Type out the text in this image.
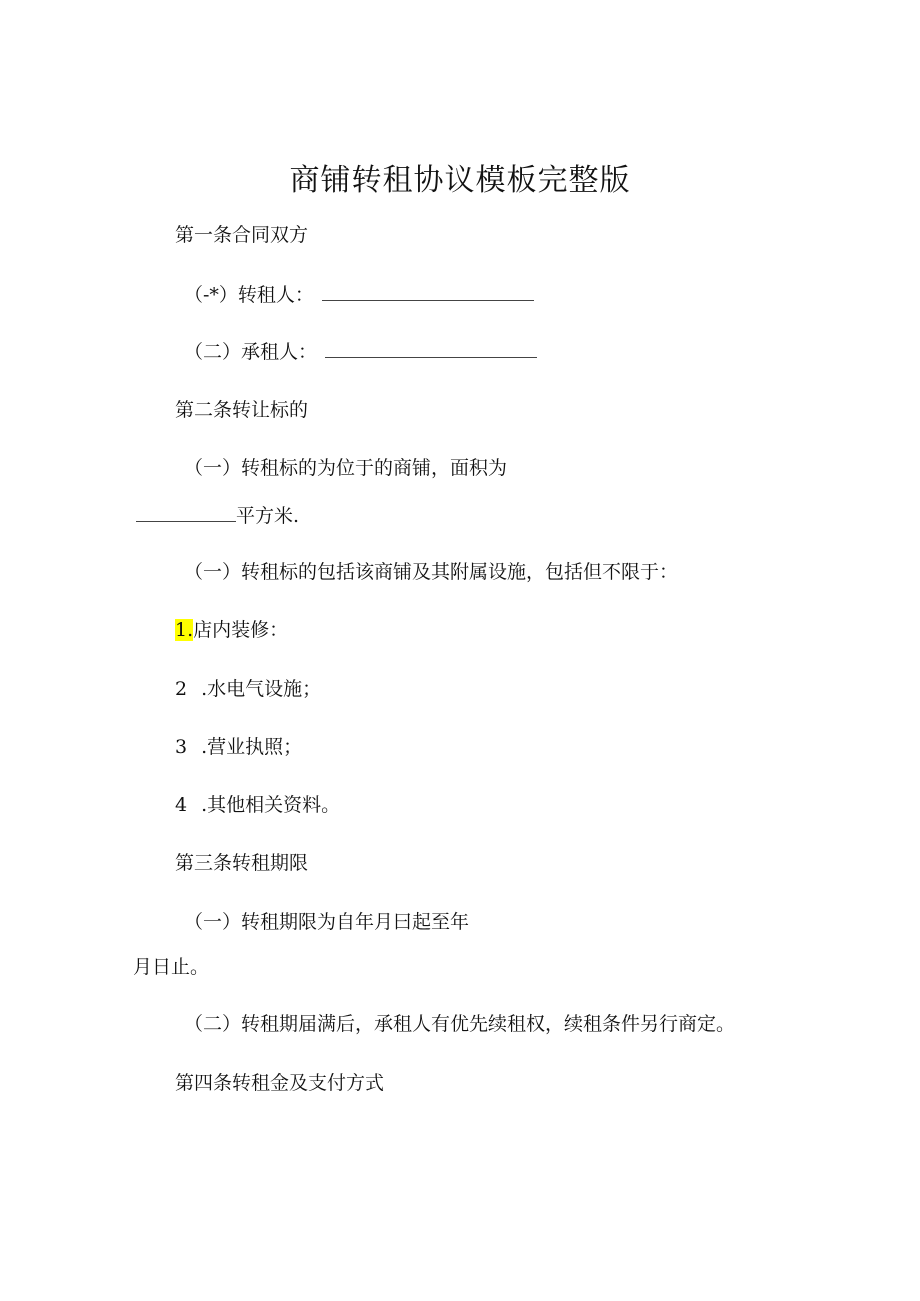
商铺转租协议模板完整版
第一条合同双方
（-*）转租人：
（二）承租人：
第二条转让标的
（一）转租标的为位于的商铺，面积为
平方米.
（一）转租标的包括该商铺及其附属设施，包括但不限于：
1.店内装修：
2 .水电气设施；
3 .营业执照；
4 .其他相关资料。
第三条转租期限
（一）转租期限为自年月曰起至年
月日止。
（二）转租期届满后，承租人有优先续租权，续租条件另行商定。
第四条转租金及支付方式
